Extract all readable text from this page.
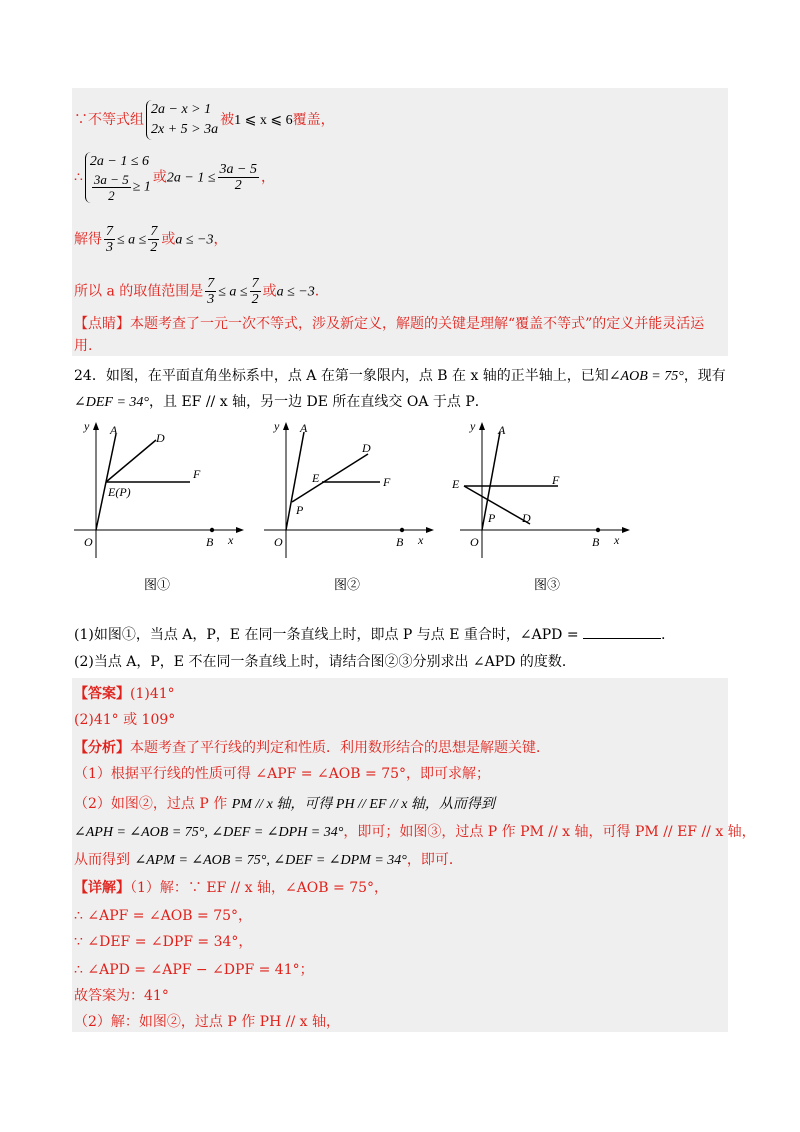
∵不等式组
2a − x > 1
2x + 5 > 3a
被1 ⩽ x ⩽ 6覆盖，
∴
2a − 1 ≤ 6
$\frac{3a - 5}{2} \ge 1$
或$2a - 1 \le \frac{3a - 5}{2}$ ，
解得 $\frac{7}{3} \le a \le \frac{7}{2}$ 或a ≤ −3，
所以 a 的取值范围是 $\frac{7}{3} \le a \le \frac{7}{2}$ 或a ≤ −3.
【点睛】本题考查了一元一次不等式，涉及新定义，解题的关键是理解“覆盖不等式”的定义并能灵活运
用.
24．如图，在平面直角坐标系中，点 A 在第一象限内，点 B 在 x 轴的正半轴上，已知∠AOB = 75°，现有
∠DEF = 34°，且 EF // x 轴，另一边 DE 所在直线交 OA 于点 P．
y A
D
F
E(P)
O	B x
y A
D
E	F
P
O	B x
y A
E	F
P D
O	B x
图①	图②	图③
(1)如图①，当点 A，P，E 在同一条直线上时，即点 P 与点 E 重合时，∠APD =	.
(2)当点 A，P，E 不在同一条直线上时，请结合图②③分别求出 ∠APD 的度数．
【答案】(1)41°
(2)41° 或 109°
【分析】本题考查了平行线的判定和性质．利用数形结合的思想是解题关键．
（1）根据平行线的性质可得 ∠APF = ∠AOB = 75°，即可求解；
（2）如图②，过点 P 作 PM // x 轴，可得 PH // EF // x 轴，从而得到
∠APH = ∠AOB = 75°, ∠DEF = ∠DPH = 34°，即可；如图③，过点 P 作 PM // x 轴，可得 PM // EF // x 轴，
从而得到 ∠APM = ∠AOB = 75°, ∠DEF = ∠DPM = 34°，即可．
【详解】（1）解：∵ EF // x 轴，∠AOB = 75°，
∴ ∠APF = ∠AOB = 75°，
∵ ∠DEF = ∠DPF = 34°，
∴ ∠APD = ∠APF − ∠DPF = 41°；
故答案为：41°
（2）解：如图②，过点 P 作 PH // x 轴，
